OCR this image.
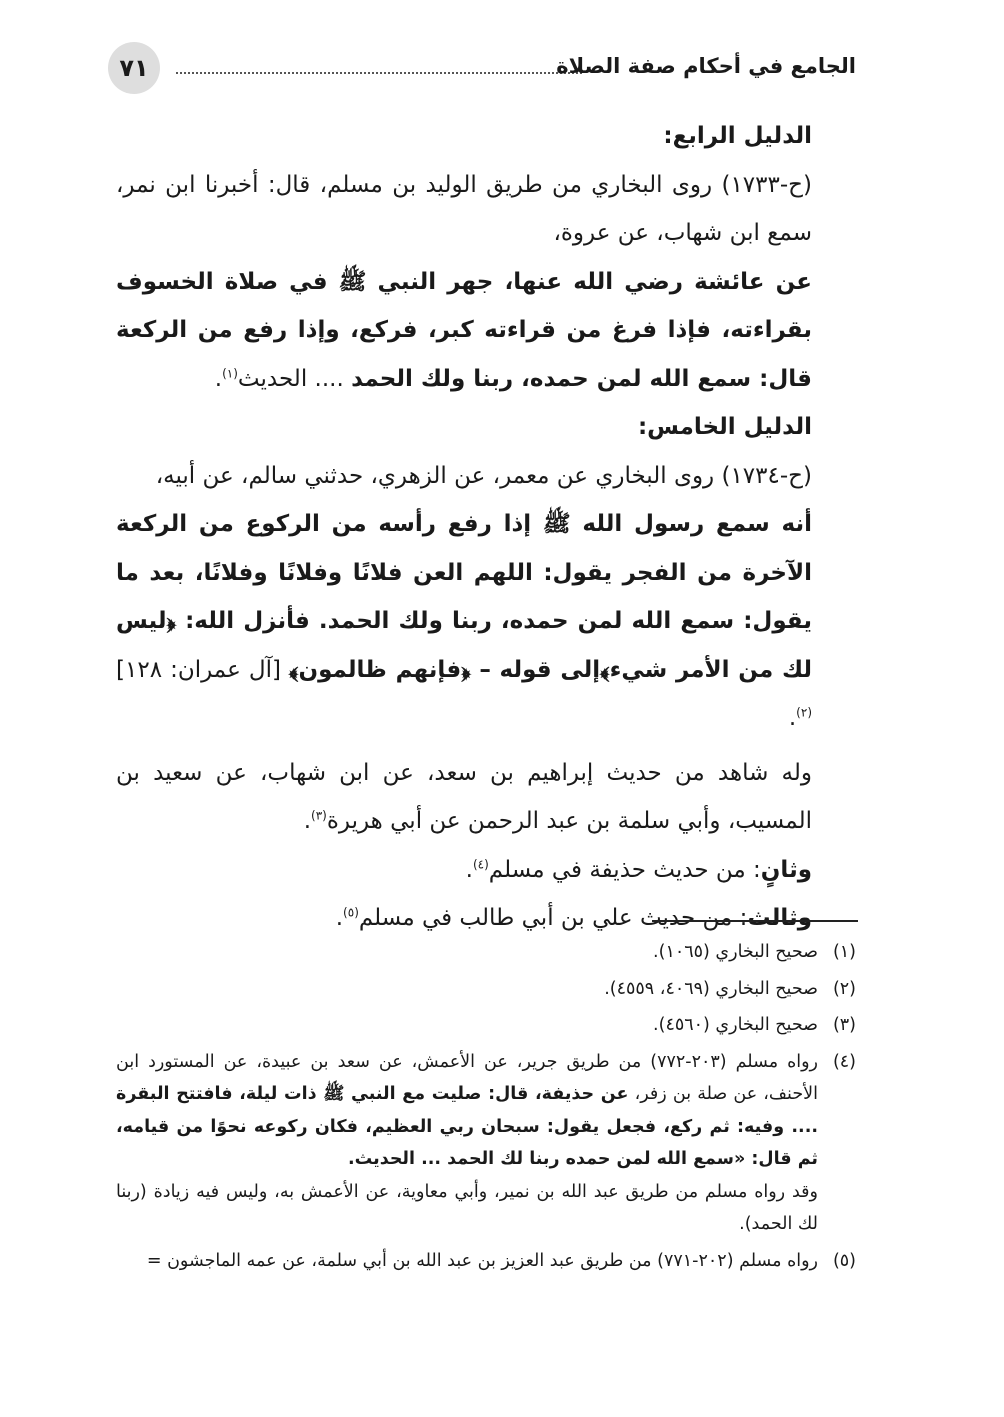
٧١	الجامع في أحكام صفة الصلاة

الدليل الرابع:

(ح-١٧٣٣) روى البخاري من طريق الوليد بن مسلم، قال: أخبرنا ابن نمر، سمع ابن شهاب، عن عروة،

عن عائشة رضي الله عنها، جهر النبي ﷺ في صلاة الخسوف بقراءته، فإذا فرغ من قراءته كبر، فركع، وإذا رفع من الركعة قال: سمع الله لمن حمده، ربنا ولك الحمد .... الحديث$^{(١)}$.

الدليل الخامس:

(ح-١٧٣٤) روى البخاري عن معمر، عن الزهري، حدثني سالم، عن أبيه،

أنه سمع رسول الله ﷺ إذا رفع رأسه من الركوع من الركعة الآخرة من الفجر يقول: اللهم العن فلانًا وفلانًا وفلانًا، بعد ما يقول: سمع الله لمن حمده، ربنا ولك الحمد. فأنزل الله: ﴿ليس لك من الأمر شيء﴾إلى قوله – ﴿فإنهم ظالمون﴾ [آل عمران: ١٢٨]$^{(٢)}$.

وله شاهد من حديث إبراهيم بن سعد، عن ابن شهاب، عن سعيد بن المسيب، وأبي سلمة بن عبد الرحمن عن أبي هريرة$^{(٣)}$.

وثانٍ: من حديث حذيفة في مسلم$^{(٤)}$.

وثالث: من حديث علي بن أبي طالب في مسلم$^{(٥)}$.

(١)
صحيح البخاري (١٠٦٥).
(٢)
صحيح البخاري (٤٠٦٩، ٤٥٥٩).
(٣)
صحيح البخاري (٤٥٦٠).
(٤)

رواه مسلم (٢٠٣-٧٧٢) من طريق جرير، عن الأعمش، عن سعد بن عبيدة، عن المستورد ابن الأحنف، عن صلة بن زفر، عن حذيفة، قال: صليت مع النبي ﷺ ذات ليلة، فافتتح البقرة .... وفيه: ثم ركع، فجعل يقول: سبحان ربي العظيم، فكان ركوعه نحوًا من قيامه، ثم قال: «سمع الله لمن حمده ربنا لك الحمد ... الحديث.

وقد رواه مسلم من طريق عبد الله بن نمير، وأبي معاوية، عن الأعمش به، وليس فيه زيادة (ربنا لك الحمد).

(٥)
رواه مسلم (٢٠٢-٧٧١) من طريق عبد العزيز بن عبد الله بن أبي سلمة، عن عمه الماجشون =
